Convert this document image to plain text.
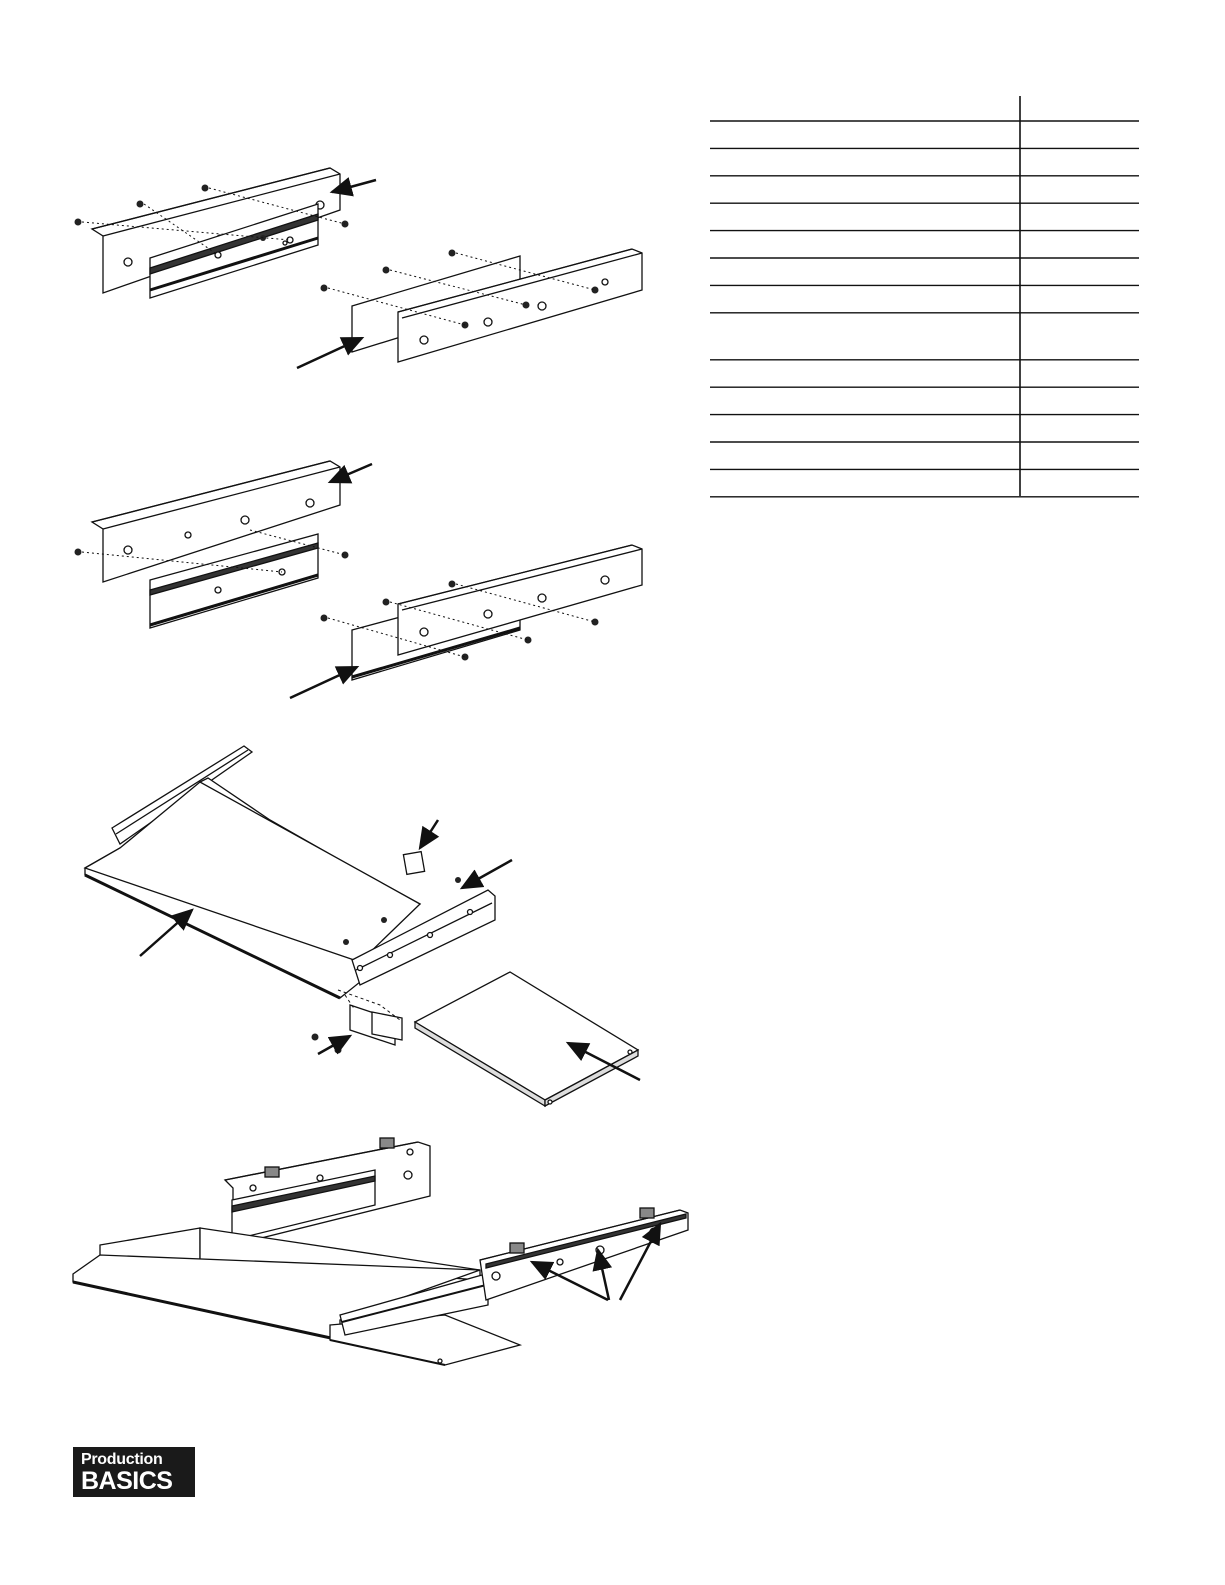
Production
BASICS
